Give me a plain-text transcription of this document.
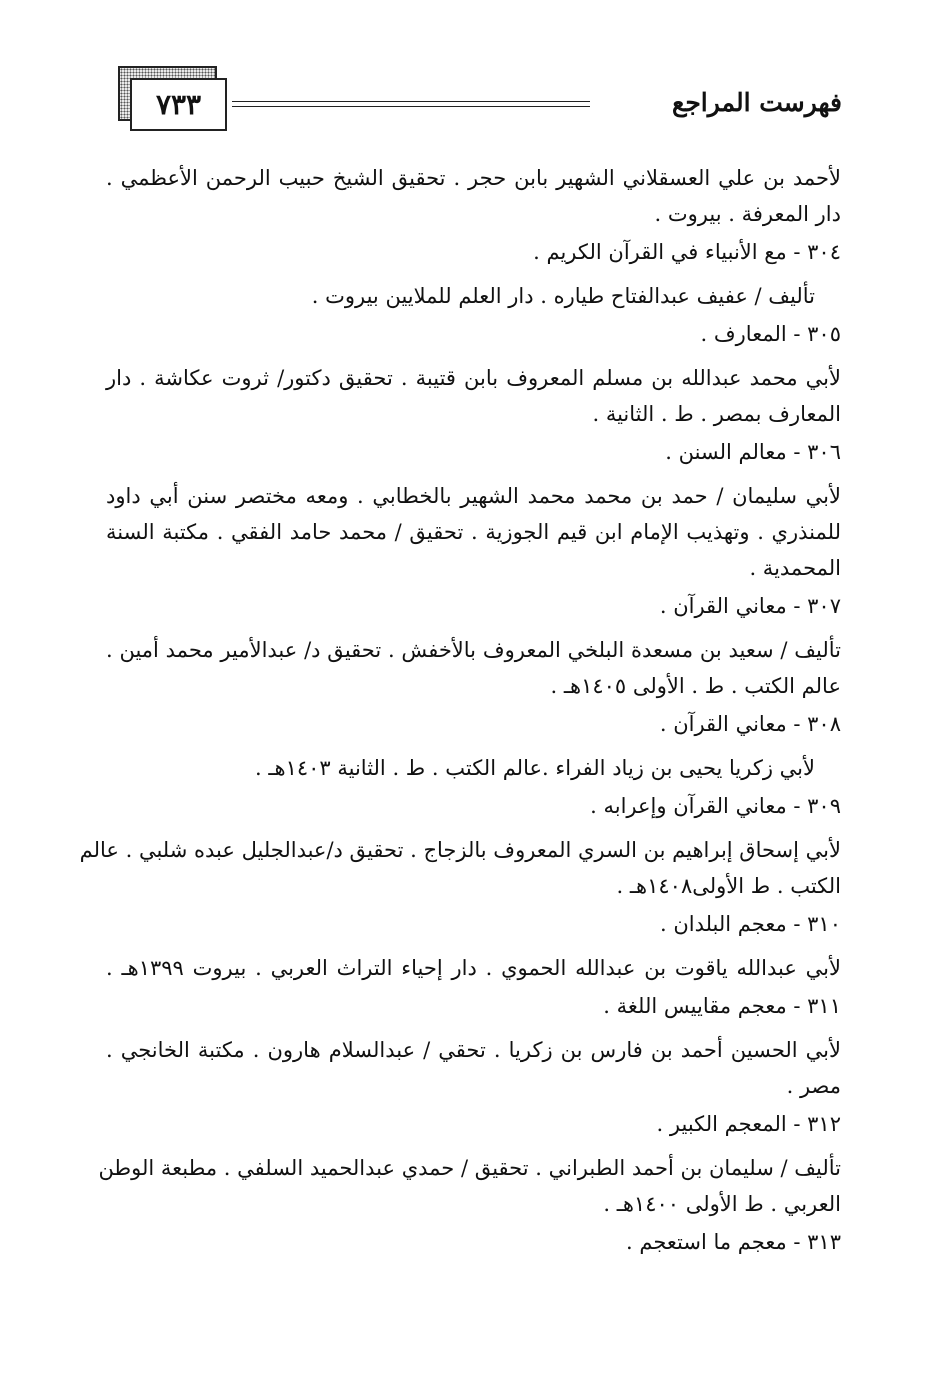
٧٣٣	فهرست المراجع
لأحمد بن علي العسقلاني الشهير بابن حجر . تحقيق الشيخ حبيب الرحمن الأعظمي .
دار المعرفة . بيروت .
٣٠٤ - مع الأنبياء في القرآن الكريم .
تأليف / عفيف عبدالفتاح طياره . دار العلم للملايين بيروت .
٣٠٥ - المعارف .
لأبي محمد عبدالله بن مسلم المعروف بابن قتيبة . تحقيق دكتور/ ثروت عكاشة . دار
المعارف بمصر . ط . الثانية .
٣٠٦ - معالم السنن .
لأبي سليمان / حمد بن محمد محمد الشهير بالخطابي . ومعه مختصر سنن أبي داود
للمنذري . وتهذيب الإمام ابن قيم الجوزية . تحقيق / محمد حامد الفقي . مكتبة السنة
المحمدية .
٣٠٧ - معاني القرآن .
تأليف / سعيد بن مسعدة البلخي المعروف بالأخفش . تحقيق د/ عبدالأمير محمد أمين .
عالم الكتب . ط . الأولى ١٤٠٥هـ .
٣٠٨ - معاني القرآن .
لأبي زكريا يحيى بن زياد الفراء .عالم الكتب . ط . الثانية ١٤٠٣هـ .
٣٠٩ - معاني القرآن وإعرابه .
لأبي إسحاق إبراهيم بن السري المعروف بالزجاج . تحقيق د/عبدالجليل عبده شلبي . عالم
الكتب . ط الأولى١٤٠٨هـ .
٣١٠ - معجم البلدان .
لأبي عبدالله ياقوت بن عبدالله الحموي . دار إحياء التراث العربي . بيروت ١٣٩٩هـ .
٣١١ - معجم مقاييس اللغة .
لأبي الحسين أحمد بن فارس بن زكريا . تحقي / عبدالسلام هارون . مكتبة الخانجي .
مصر .
٣١٢ - المعجم الكبير .
تأليف / سليمان بن أحمد الطبراني . تحقيق / حمدي عبدالحميد السلفي . مطبعة الوطن
العربي . ط الأولى ١٤٠٠هـ .
٣١٣ - معجم ما استعجم .
